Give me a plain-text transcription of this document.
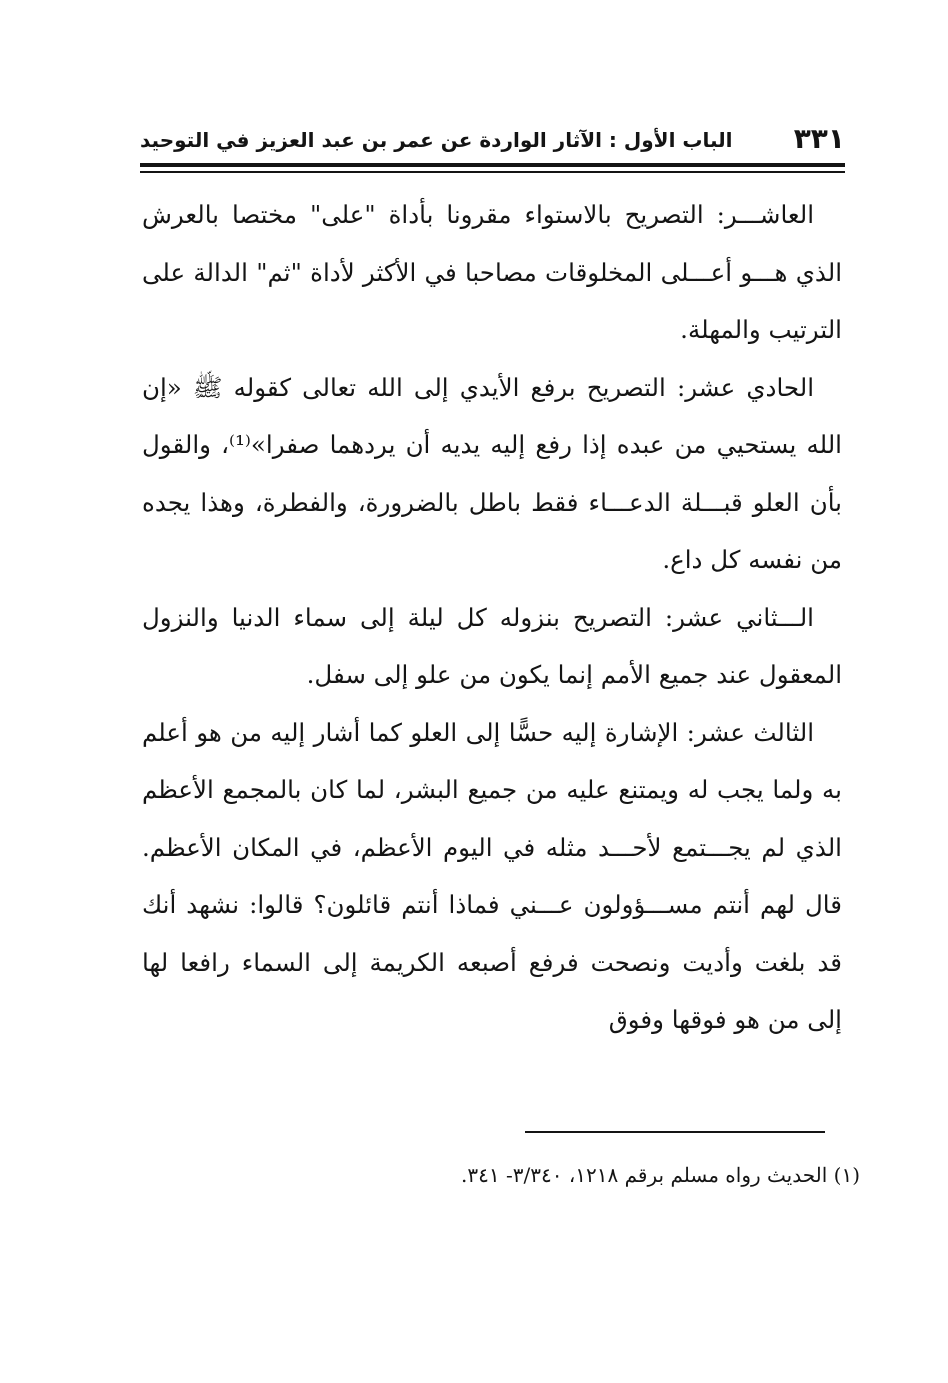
٣٣١
الباب الأول : الآثار الواردة عن عمر بن عبد العزيز في التوحيد

العاشـــر: التصريح بالاستواء مقرونا بأداة "على" مختصا بالعرش الذي هـــو أعـــلى المخلوقات مصاحبا في الأكثر لأداة "ثم" الدالة على الترتيب والمهلة.

الحادي عشر: التصريح برفع الأيدي إلى الله تعالى كقوله ﷺ «إن الله يستحيي من عبده إذا رفع إليه يديه أن يردهما صفرا»⁽¹⁾، والقول بأن العلو قبـــلة الدعـــاء فقط باطل بالضرورة، والفطرة، وهذا يجده من نفسه كل داع.

الـــثاني عشر: التصريح بنزوله كل ليلة إلى سماء الدنيا والنزول المعقول عند جميع الأمم إنما يكون من علو إلى سفل.

الثالث عشر: الإشارة إليه حسًّا إلى العلو كما أشار إليه من هو أعلم به ولما يجب له ويمتنع عليه من جميع البشر، لما كان بالمجمع الأعظم الذي لم يجـــتمع لأحـــد مثله في اليوم الأعظم، في المكان الأعظم. قال لهم أنتم مســـؤولون عـــني فماذا أنتم قائلون؟ قالوا: نشهد أنك قد بلغت وأديت ونصحت فرفع أصبعه الكريمة إلى السماء رافعا لها إلى من هو فوقها وفوق

(١) الحديث رواه مسلم برقم ١٢١٨، ٣/٣٤٠- ٣٤١.
